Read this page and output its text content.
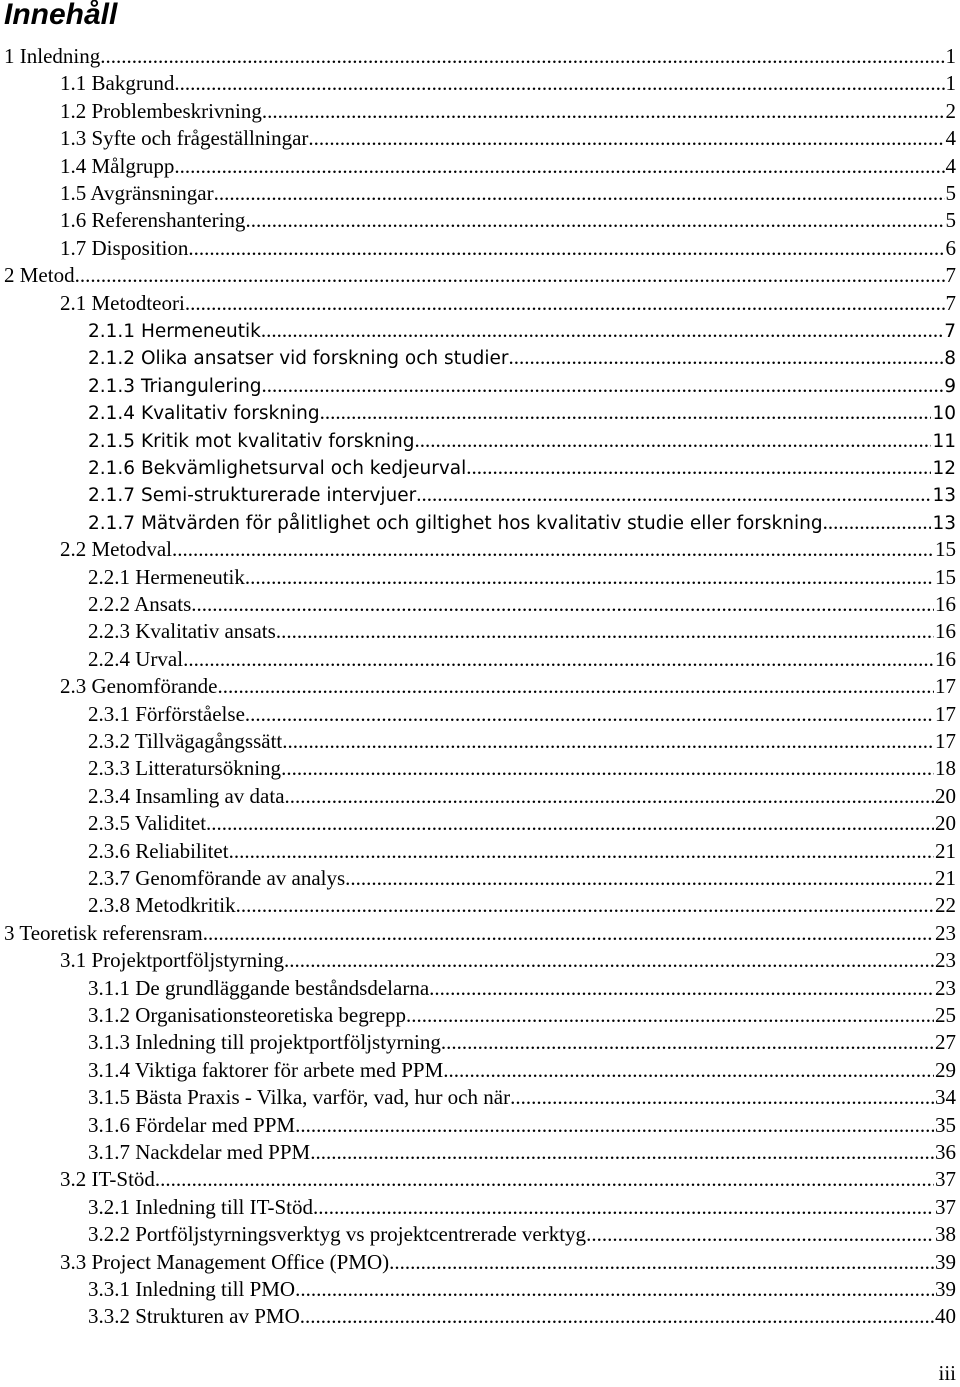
Innehåll
1 Inledning .....	1
1.1 Bakgrund .....	1
1.2 Problembeskrivning .....	2
1.3 Syfte och frågeställningar .....	4
1.4 Målgrupp .....	4
1.5 Avgränsningar .....	5
1.6 Referenshantering .....	5
1.7 Disposition .....	6
2 Metod .....	7
2.1 Metodteori .....	7
2.1.1 Hermeneutik .....	7
2.1.2 Olika ansatser vid forskning och studier .....	8
2.1.3 Triangulering .....	9
2.1.4 Kvalitativ forskning .....	10
2.1.5 Kritik mot kvalitativ forskning .....	11
2.1.6 Bekvämlighetsurval och kedjeurval .....	12
2.1.7 Semi-strukturerade intervjuer .....	13
2.1.7 Mätvärden för pålitlighet och giltighet hos kvalitativ studie eller forskning .....	13
2.2 Metodval .....	15
2.2.1 Hermeneutik .....	15
2.2.2 Ansats .....	16
2.2.3 Kvalitativ ansats .....	16
2.2.4 Urval .....	16
2.3 Genomförande .....	17
2.3.1 Förförståelse .....	17
2.3.2 Tillvägagångssätt .....	17
2.3.3 Litteratursökning .....	18
2.3.4 Insamling av data .....	20
2.3.5 Validitet .....	20
2.3.6 Reliabilitet .....	21
2.3.7 Genomförande av analys .....	21
2.3.8 Metodkritik .....	22
3 Teoretisk referensram .....	23
3.1 Projektportföljstyrning .....	23
3.1.1 De grundläggande beståndsdelarna .....	23
3.1.2 Organisationsteoretiska begrepp .....	25
3.1.3 Inledning till projektportföljstyrning .....	27
3.1.4 Viktiga faktorer för arbete med PPM .....	29
3.1.5 Bästa Praxis - Vilka, varför, vad, hur och när .....	34
3.1.6 Fördelar med PPM .....	35
3.1.7 Nackdelar med PPM .....	36
3.2 IT-Stöd .....	37
3.2.1 Inledning till IT-Stöd .....	37
3.2.2 Portföljstyrningsverktyg vs projektcentrerade verktyg .....	38
3.3 Project Management Office (PMO) .....	39
3.3.1 Inledning till PMO .....	39
3.3.2 Strukturen av PMO .....	40
iii
